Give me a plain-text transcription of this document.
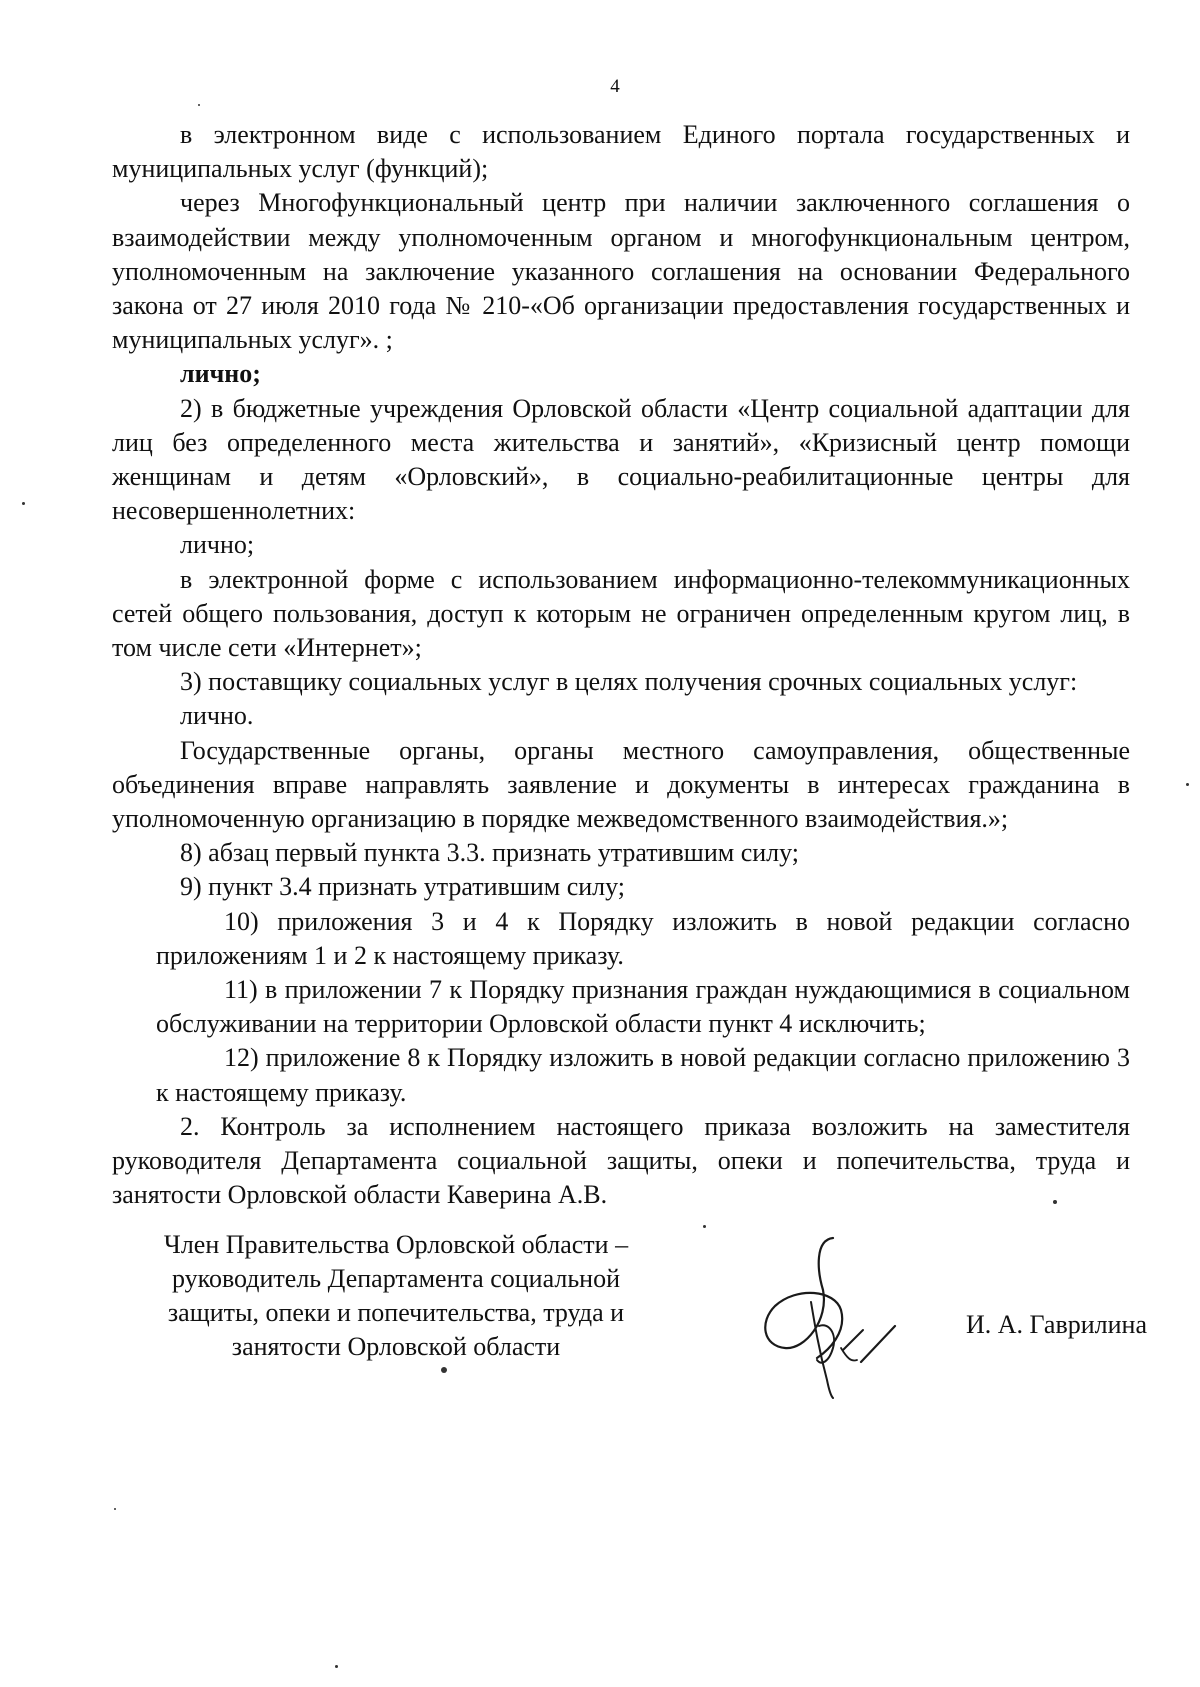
4

в электронном виде с использованием Единого портала государственных и муниципальных услуг (функций);

через Многофункциональный центр при наличии заключенного соглашения о взаимодействии между уполномоченным органом и многофункциональным центром, уполномоченным на заключение указанного соглашения на основании Федерального закона от 27 июля 2010 года № 210-«Об организации предоставления государственных и муниципальных услуг». ;

лично;

2) в бюджетные учреждения Орловской области «Центр социальной адаптации для лиц без определенного места жительства и занятий», «Кризисный центр помощи женщинам и детям «Орловский», в социально-реабилитационные центры для несовершеннолетних:

лично;

в электронной форме с использованием информационно-телекоммуникационных сетей общего пользования, доступ к которым не ограничен определенным кругом лиц, в том числе сети «Интернет»;

3) поставщику социальных услуг в целях получения срочных социальных услуг:

лично.

Государственные органы, органы местного самоуправления, общественные объединения вправе направлять заявление и документы в интересах гражданина в уполномоченную организацию в порядке межведомственного взаимодействия.»;

8) абзац первый пункта 3.3. признать утратившим силу;

9) пункт 3.4 признать утратившим силу;

10) приложения 3 и 4 к Порядку изложить в новой редакции согласно приложениям 1 и 2 к настоящему приказу.

11) в приложении 7 к Порядку признания граждан нуждающимися в социальном обслуживании на территории Орловской области пункт 4 исключить;

12) приложение 8 к Порядку изложить в новой редакции согласно приложению 3 к настоящему приказу.

2. Контроль за исполнением настоящего приказа возложить на заместителя руководителя Департамента социальной защиты, опеки и попечительства, труда и занятости Орловской области Каверина А.В.

Член Правительства Орловской области –
руководитель Департамента социальной
защиты, опеки и попечительства, труда и
занятости Орловской области
И. А. Гаврилина
